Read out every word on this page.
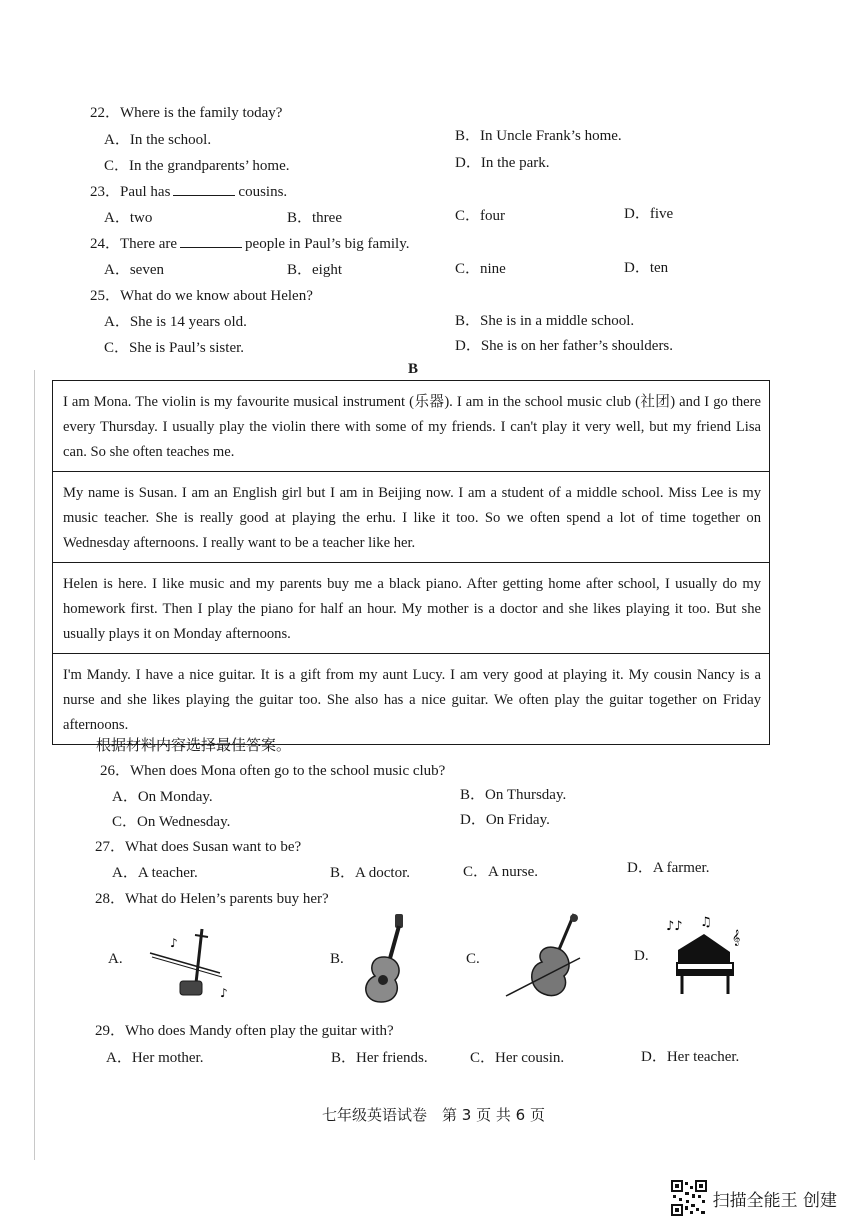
22．Where is the family today?
A．In the school.	B．In Uncle Frank’s home.
C．In the grandparents’ home.	D．In the park.
23．Paul has	cousins.
A．two	B．three	C．four	D．five
24．There are	people in Paul’s big family.
A．seven	B．eight	C．nine	D．ten
25．What do we know about Helen?
A．She is 14 years old.	B．She is in a middle school.
C．She is Paul’s sister.	D．She is on her father’s shoulders.
B
I am Mona. The violin is my favourite musical instrument (乐器). I am in the school music club (社团) and I go there every Thursday. I usually play the violin there with some of my friends. I can't play it very well, but my friend Lisa can. So she often teaches me.
My name is Susan. I am an English girl but I am in Beijing now. I am a student of a middle school. Miss Lee is my music teacher. She is really good at playing the erhu. I like it too. So we often spend a lot of time together on Wednesday afternoons. I really want to be a teacher like her.
Helen is here. I like music and my parents buy me a black piano. After getting home after school, I usually do my homework first. Then I play the piano for half an hour. My mother is a doctor and she likes playing it too. But she usually plays it on Monday afternoons.
I'm Mandy. I have a nice guitar. It is a gift from my aunt Lucy. I am very good at playing it. My cousin Nancy is a nurse and she likes playing the guitar too. She also has a nice guitar. We often play the guitar together on Friday afternoons.
根据材料内容选择最佳答案。
26．When does Mona often go to the school music club?
A．On Monday.	B．On Thursday.
C．On Wednesday.	D．On Friday.
27．What does Susan want to be?
A．A teacher.	B．A doctor.	C．A nurse.	D．A farmer.
28．What do Helen’s parents buy her?
A.
♪
♪
B.	C.	D.
♪♪ ♫
𝄞
29．Who does Mandy often play the guitar with?
A．Her mother.	B．Her friends.	C．Her cousin.	D．Her teacher.
七年级英语试卷　第 3 页 共 6 页
扫描全能王 创建
